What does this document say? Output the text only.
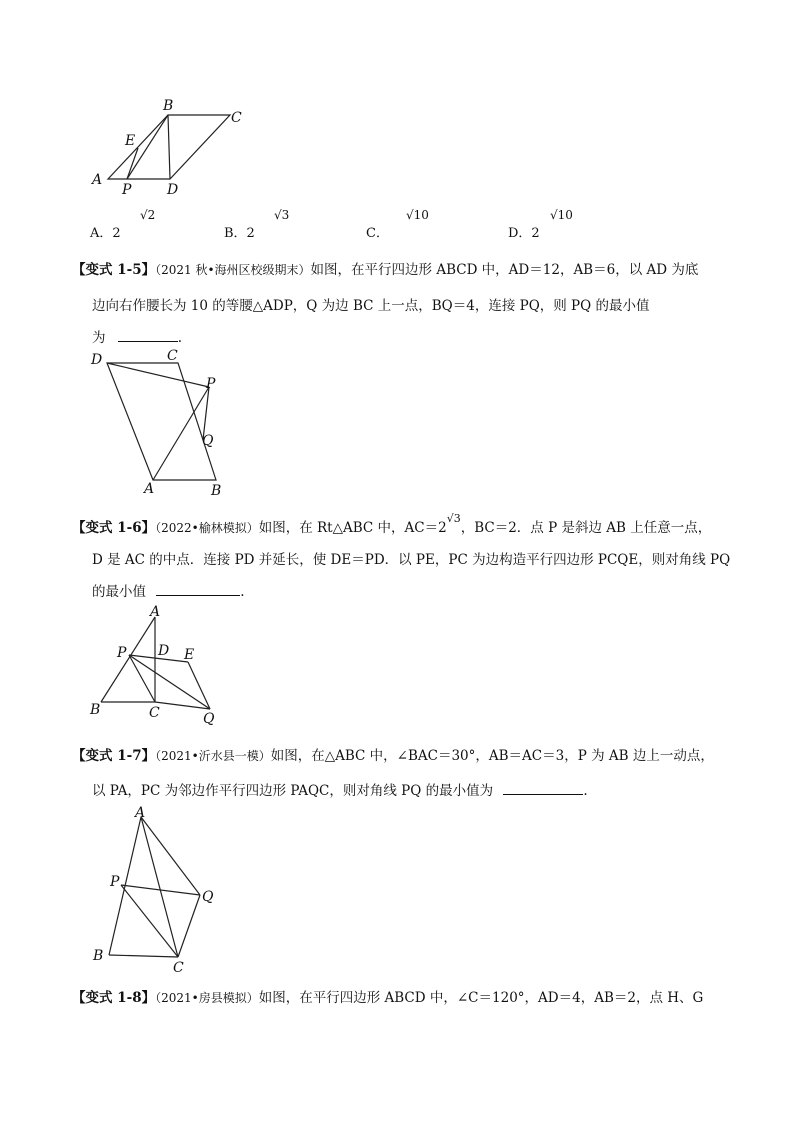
A
B
C
D
E
P
A．2
√2
B．2
√3
C．
√10
D．2
√10
【变式 1-5】（2021 秋•海州区校级期末）如图，在平行四边形 ABCD 中，AD＝12，AB＝6，以 AD 为底
边向右作腰长为 10 的等腰△ADP，Q 为边 BC 上一点，BQ＝4，连接 PQ，则 PQ 的最小值
为	.
D	C
P
Q
A	B
【变式 1-6】（2022•榆林模拟）如图，在 Rt△ABC 中，$AC=2^{√3}$，BC＝2．点 P 是斜边 AB 上任意一点，
D 是 AC 的中点．连接 PD 并延长，使 DE＝PD．以 PE，PC 为边构造平行四边形 PCQE，则对角线 PQ
的最小值	.
A
P D E
B	C	Q
【变式 1-7】（2021•沂水县一模）如图，在△ABC 中，∠BAC＝30°，AB＝AC＝3，P 为 AB 边上一动点，
以 PA，PC 为邻边作平行四边形 PAQC，则对角线 PQ 的最小值为	.
A
P
Q
B
C
【变式 1-8】（2021•房县模拟）如图，在平行四边形 ABCD 中，∠C＝120°，AD＝4，AB＝2，点 H、G
